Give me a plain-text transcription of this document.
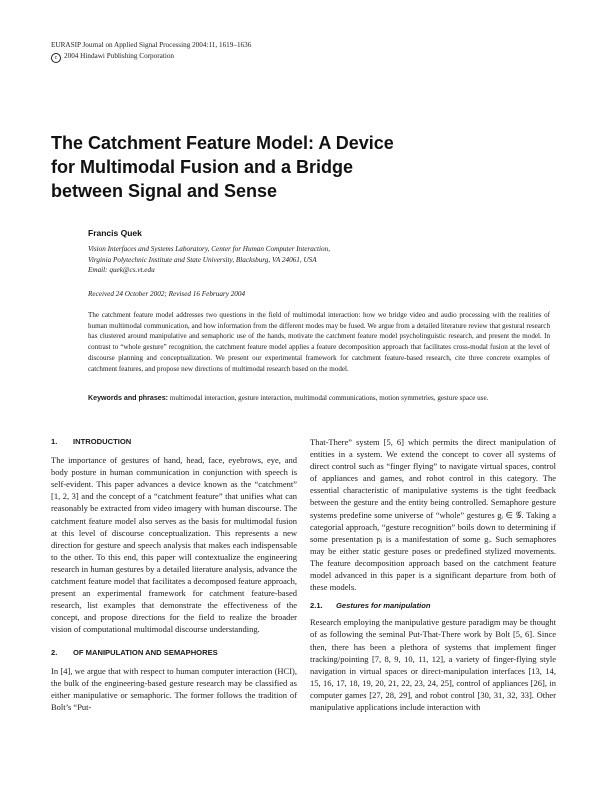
EURASIP Journal on Applied Signal Processing 2004:11, 1619–1636
c 2004 Hindawi Publishing Corporation
The Catchment Feature Model: A Device
for Multimodal Fusion and a Bridge
between Signal and Sense
Francis Quek
Vision Interfaces and Systems Laboratory, Center for Human Computer Interaction,
Virginia Polytechnic Institute and State University, Blacksburg, VA 24061, USA
Email: quek@cs.vt.edu
Received 24 October 2002; Revised 16 February 2004
The catchment feature model addresses two questions in the field of multimodal interaction: how we bridge video and audio processing with the realities of human multimodal communication, and how information from the different modes may be fused. We argue from a detailed literature review that gestural research has clustered around manipulative and semaphoric use of the hands, motivate the catchment feature model psycholinguistic research, and present the model. In contrast to “whole gesture” recognition, the catchment feature model applies a feature decomposition approach that facilitates cross-modal fusion at the level of discourse planning and conceptualization. We present our experimental framework for catchment feature-based research, cite three concrete examples of catchment features, and propose new directions of multimodal research based on the model.
Keywords and phrases: multimodal interaction, gesture interaction, multimodal communications, motion symmetries, gesture space use.
1. INTRODUCTION

The importance of gestures of hand, head, face, eyebrows, eye, and body posture in human communication in conjunction with speech is self-evident. This paper advances a device known as the “catchment” [1, 2, 3] and the concept of a “catchment feature” that unifies what can reasonably be extracted from video imagery with human discourse. The catchment feature model also serves as the basis for multimodal fusion at this level of discourse conceptualization. This represents a new direction for gesture and speech analysis that makes each indispensable to the other. To this end, this paper will contextualize the engineering research in human gestures by a detailed literature analysis, advance the catchment feature model that facilitates a decomposed feature approach, present an experimental framework for catchment feature-based research, list examples that demonstrate the effectiveness of the concept, and propose directions for the field to realize the broader vision of computational multimodal discourse understanding.

2. OF MANIPULATION AND SEMAPHORES

In [4], we argue that with respect to human computer interaction (HCI), the bulk of the engineering-based gesture research may be classified as either manipulative or semaphoric. The former follows the tradition of Bolt’s “Put-

That-There” system [5, 6] which permits the direct manipulation of entities in a system. We extend the concept to cover all systems of direct control such as “finger flying” to navigate virtual spaces, control of appliances and games, and robot control in this category. The essential characteristic of manipulative systems is the tight feedback between the gesture and the entity being controlled. Semaphore gesture systems predefine some universe of “whole” gestures gᵢ ∈ 𝒢. Taking a categorial approach, “gesture recognition” boils down to determining if some presentation pⱼ is a manifestation of some gᵢ. Such semaphores may be either static gesture poses or predefined stylized movements. The feature decomposition approach based on the catchment feature model advanced in this paper is a significant departure from both of these models.

2.1. Gestures for manipulation

Research employing the manipulative gesture paradigm may be thought of as following the seminal Put-That-There work by Bolt [5, 6]. Since then, there has been a plethora of systems that implement finger tracking/pointing [7, 8, 9, 10, 11, 12], a variety of finger-flying style navigation in virtual spaces or direct-manipulation interfaces [13, 14, 15, 16, 17, 18, 19, 20, 21, 22, 23, 24, 25], control of appliances [26], in computer games [27, 28, 29], and robot control [30, 31, 32, 33]. Other manipulative applications include interaction with
